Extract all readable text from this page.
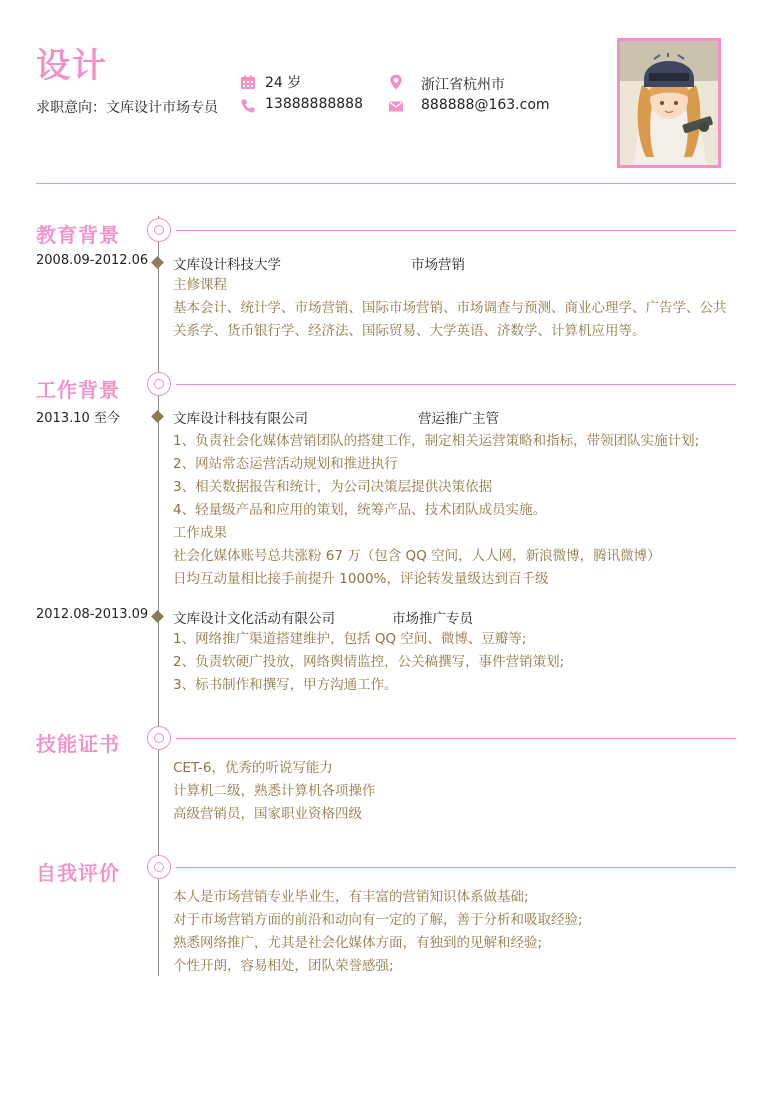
设计
求职意向：文库设计市场专员
24 岁
13888888888
浙江省杭州市
888888@163.com
教育背景
2008.09-2012.06 文库设计科技大学	市场营销
主修课程
基本会计、统计学、市场营销、国际市场营销、市场调查与预测、商业心理学、广告学、公共
关系学、货币银行学、经济法、国际贸易、大学英语、济数学、计算机应用等。
工作背景
2013.10 至今	文库设计科技有限公司	营运推广主管
1、负责社会化媒体营销团队的搭建工作，制定相关运营策略和指标，带领团队实施计划;
2、网站常态运营活动规划和推进执行
3、相关数据报告和统计，为公司决策层提供决策依据
4、轻量级产品和应用的策划，统筹产品、技术团队成员实施。
工作成果
社会化媒体账号总共涨粉 67 万（包含 QQ 空间，人人网，新浪微博，腾讯微博）
日均互动量相比接手前提升 1000%，评论转发量级达到百千级
2012.08-2013.09 文库设计文化活动有限公司	市场推广专员
1、网络推广渠道搭建维护，包括 QQ 空间、微博、豆瓣等;
2、负责软硬广投放，网络舆情监控，公关稿撰写，事件营销策划;
3、标书制作和撰写，甲方沟通工作。
技能证书
CET-6，优秀的听说写能力
计算机二级，熟悉计算机各项操作
高级营销员，国家职业资格四级
自我评价
本人是市场营销专业毕业生，有丰富的营销知识体系做基础;
对于市场营销方面的前沿和动向有一定的了解，善于分析和吸取经验;
熟悉网络推广，尤其是社会化媒体方面，有独到的见解和经验;
个性开朗，容易相处，团队荣誉感强;
